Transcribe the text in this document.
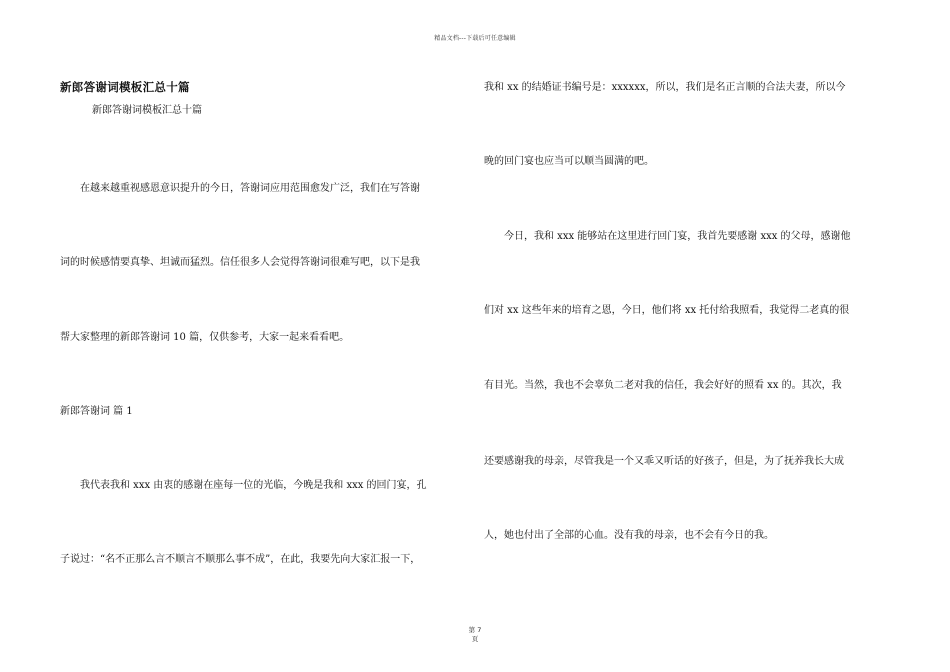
精品文档---下载后可任意编辑
新郎答谢词模板汇总十篇
新郎答谢词模板汇总十篇
在越来越重视感恩意识提升的今日，答谢词应用范围愈发广泛，我们在写答谢
词的时候感情要真挚、坦诚而猛烈。信任很多人会觉得答谢词很难写吧，以下是我
帮大家整理的新郎答谢词 10 篇，仅供参考，大家一起来看看吧。
新郎答谢词 篇 1
我代表我和 xxx 由衷的感谢在座每一位的光临，今晚是我和 xxx 的回门宴，孔
子说过：“名不正那么言不顺言不顺那么事不成”，在此，我要先向大家汇报一下，
我和 xx 的结婚证书编号是：xxxxxx，所以，我们是名正言顺的合法夫妻，所以今
晚的回门宴也应当可以顺当圆满的吧。
今日，我和 xxx 能够站在这里进行回门宴，我首先要感谢 xxx 的父母，感谢他
们对 xx 这些年来的培育之恩，今日，他们将 xx 托付给我照看，我觉得二老真的很
有目光。当然，我也不会辜负二老对我的信任，我会好好的照看 xx 的。其次，我
还要感谢我的母亲，尽管我是一个又乖又听话的好孩子，但是，为了抚养我长大成
人，她也付出了全部的心血。没有我的母亲，也不会有今日的我。
第 7
页
